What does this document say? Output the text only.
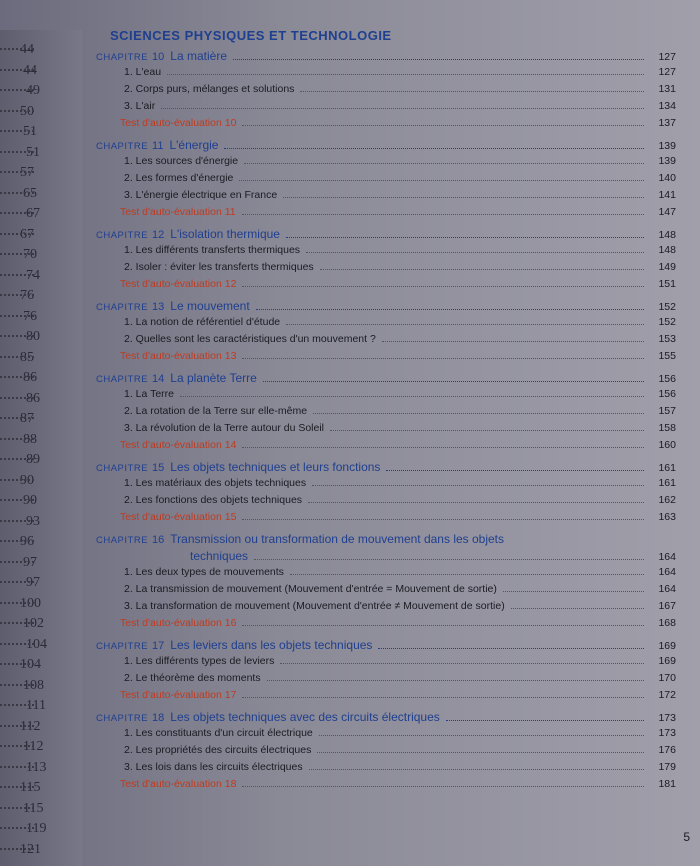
44
44
49
50
51
51
57
65
67
67
70
74
76
76
80
85
86
86
87
88
89
90
90
93
96
97
97
100
102
104
104
108
111
112
112
113
115
115
119
121
SCIENCES PHYSIQUES ET TECHNOLOGIE
CHAPITRE 10 La matière	127
1. L'eau	127
2. Corps purs, mélanges et solutions	131
3. L'air	134
Test d'auto-évaluation 10	137
CHAPITRE 11 L'énergie	139
1. Les sources d'énergie	139
2. Les formes d'énergie	140
3. L'énergie électrique en France	141
Test d'auto-évaluation 11	147
CHAPITRE 12 L'isolation thermique	148
1. Les différents transferts thermiques	148
2. Isoler : éviter les transferts thermiques	149
Test d'auto-évaluation 12	151
CHAPITRE 13 Le mouvement	152
1. La notion de référentiel d'étude	152
2. Quelles sont les caractéristiques d'un mouvement ?	153
Test d'auto-évaluation 13	155
CHAPITRE 14 La planète Terre	156
1. La Terre	156
2. La rotation de la Terre sur elle-même	157
3. La révolution de la Terre autour du Soleil	158
Test d'auto-évaluation 14	160
CHAPITRE 15 Les objets techniques et leurs fonctions	161
1. Les matériaux des objets techniques	161
2. Les fonctions des objets techniques	162
Test d'auto-évaluation 15	163
CHAPITRE 16 Transmission ou transformation de mouvement dans les objets
techniques	164
1. Les deux types de mouvements	164
2. La transmission de mouvement (Mouvement d'entrée = Mouvement de sortie)	164
3. La transformation de mouvement (Mouvement d'entrée ≠ Mouvement de sortie)	167
Test d'auto-évaluation 16	168
CHAPITRE 17 Les leviers dans les objets techniques	169
1. Les différents types de leviers	169
2. Le théorème des moments	170
Test d'auto-évaluation 17	172
CHAPITRE 18 Les objets techniques avec des circuits électriques	173
1. Les constituants d'un circuit électrique	173
2. Les propriétés des circuits électriques	176
3. Les lois dans les circuits électriques	179
Test d'auto-évaluation 18	181
5
